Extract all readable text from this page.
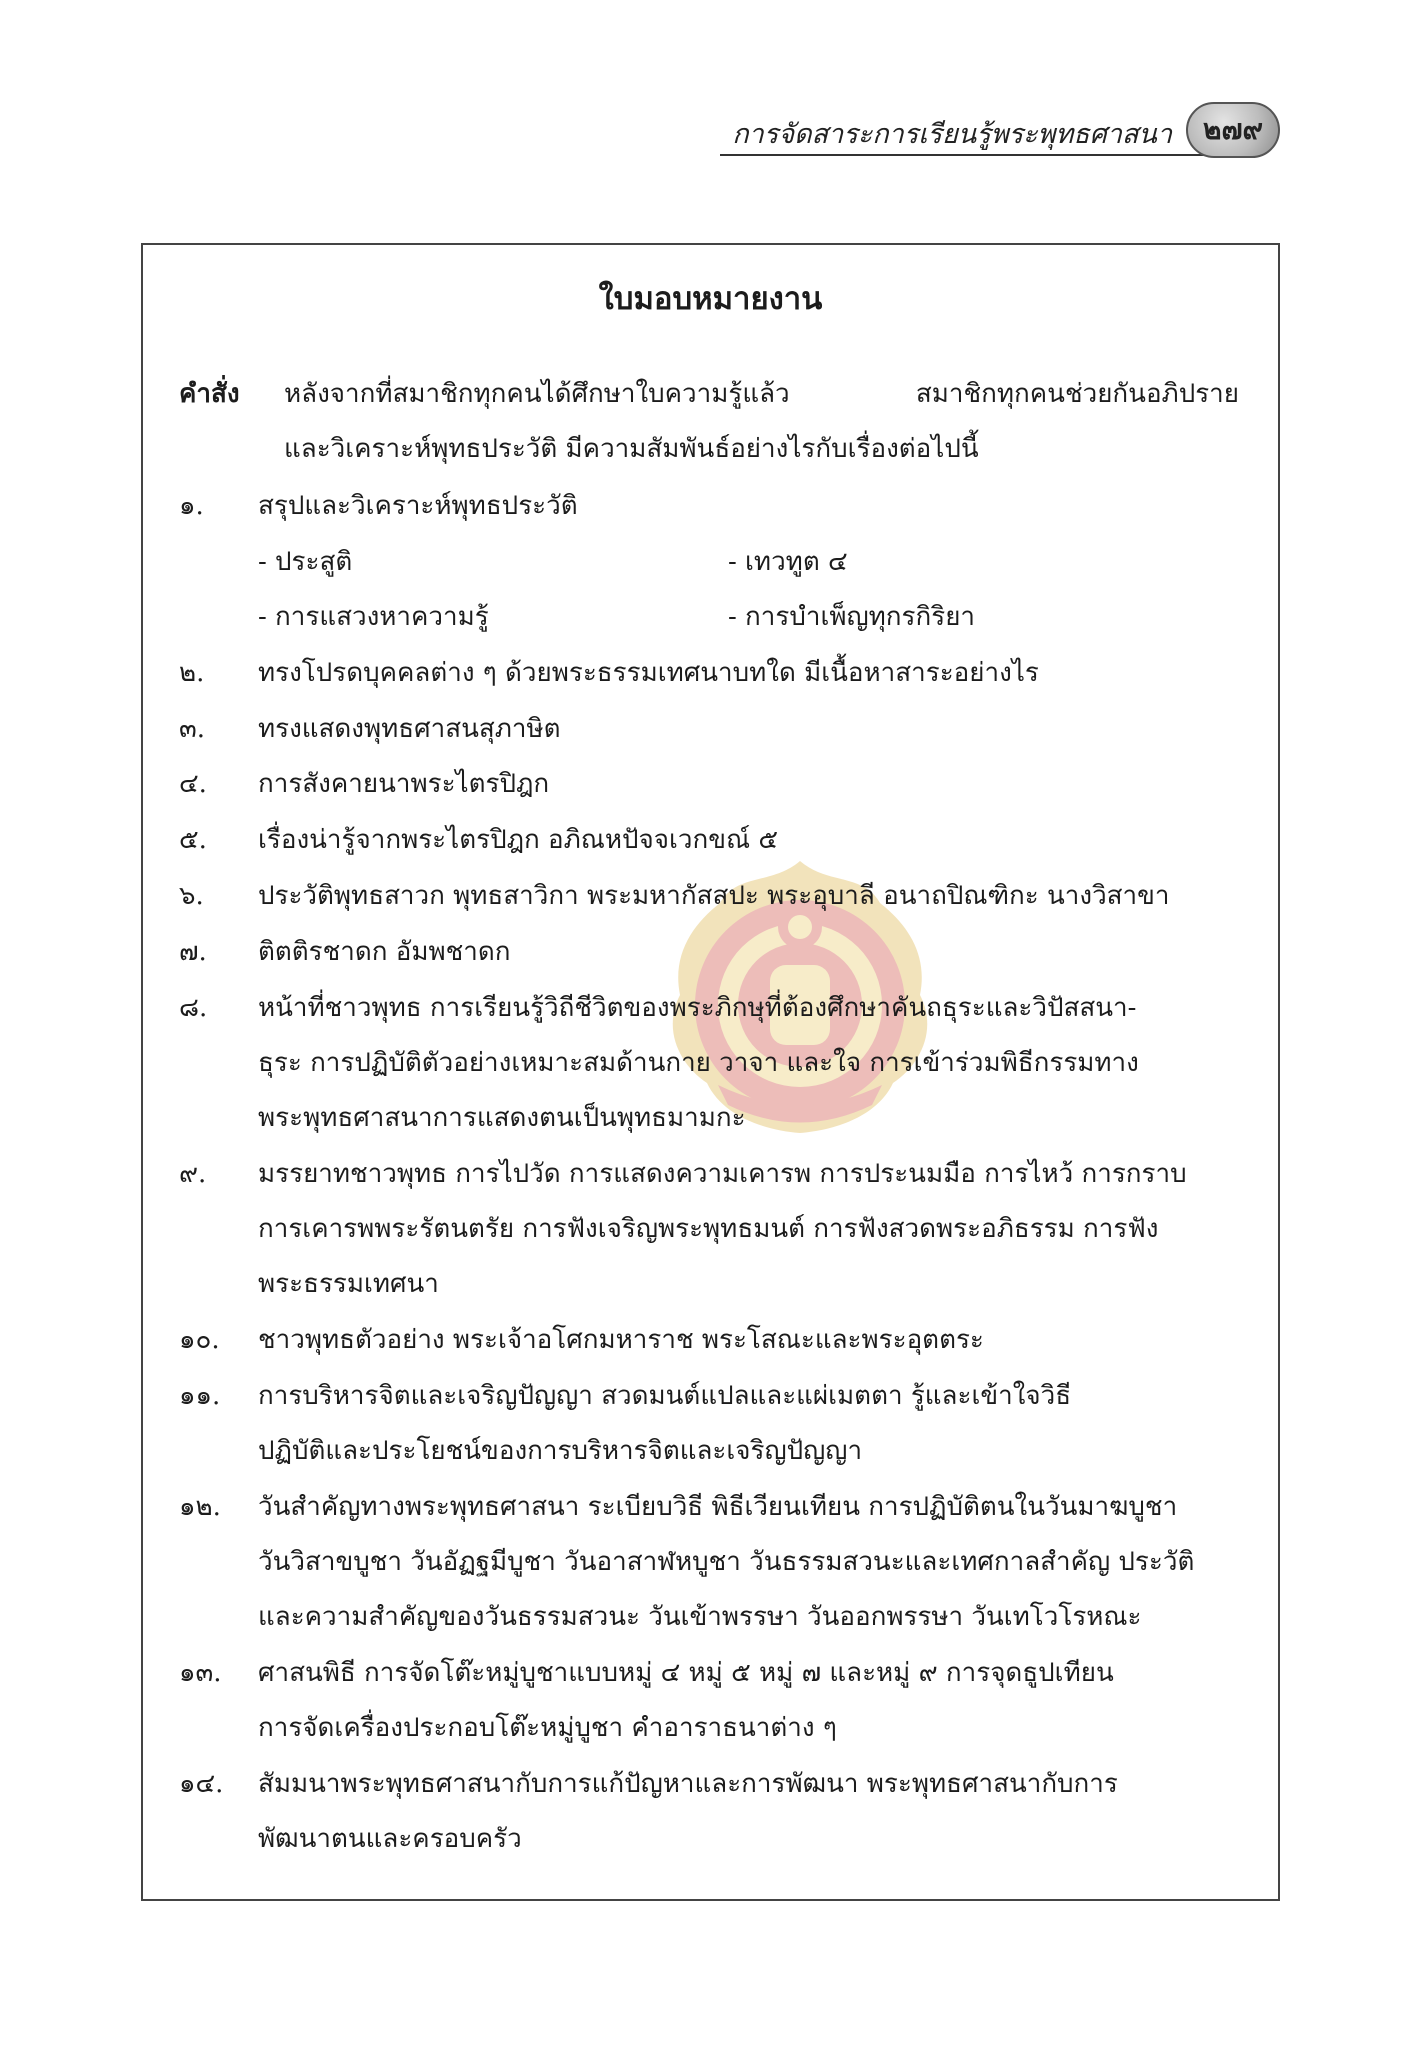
การจัดสาระการเรียนรู้พระพุทธศาสนา	๒๗๙
ใบมอบหมายงาน
คำสั่ง หลังจากที่สมาชิกทุกคนได้ศึกษาใบความรู้แล้ว สมาชิกทุกคนช่วยกันอภิปราย
และวิเคราะห์พุทธประวัติ มีความสัมพันธ์อย่างไรกับเรื่องต่อไปนี้
๑. สรุปและวิเคราะห์พุทธประวัติ
- ประสูติ	- เทวทูต ๔
- การแสวงหาความรู้	- การบำเพ็ญทุกรกิริยา
๒. ทรงโปรดบุคคลต่าง ๆ ด้วยพระธรรมเทศนาบทใด มีเนื้อหาสาระอย่างไร
๓. ทรงแสดงพุทธศาสนสุภาษิต
๔. การสังคายนาพระไตรปิฎก
๕. เรื่องน่ารู้จากพระไตรปิฎก อภิณหปัจจเวกขณ์ ๕
๖. ประวัติพุทธสาวก พุทธสาวิกา พระมหากัสสปะ พระอุบาลี อนาถปิณฑิกะ นางวิสาขา
๗. ติตติรชาดก อัมพชาดก
๘. หน้าที่ชาวพุทธ การเรียนรู้วิถีชีวิตของพระภิกษุที่ต้องศึกษาคันถธุระและวิปัสสนา-
ธุระ การปฏิบัติตัวอย่างเหมาะสมด้านกาย วาจา และใจ การเข้าร่วมพิธีกรรมทาง
พระพุทธศาสนาการแสดงตนเป็นพุทธมามกะ
๙. มรรยาทชาวพุทธ การไปวัด การแสดงความเคารพ การประนมมือ การไหว้ การกราบ
การเคารพพระรัตนตรัย การฟังเจริญพระพุทธมนต์ การฟังสวดพระอภิธรรม การฟัง
พระธรรมเทศนา
๑๐. ชาวพุทธตัวอย่าง พระเจ้าอโศกมหาราช พระโสณะและพระอุตตระ
๑๑. การบริหารจิตและเจริญปัญญา สวดมนต์แปลและแผ่เมตตา รู้และเข้าใจวิธี
ปฏิบัติและประโยชน์ของการบริหารจิตและเจริญปัญญา
๑๒. วันสำคัญทางพระพุทธศาสนา ระเบียบวิธี พิธีเวียนเทียน การปฏิบัติตนในวันมาฆบูชา
วันวิสาขบูชา วันอัฏฐมีบูชา วันอาสาฬหบูชา วันธรรมสวนะและเทศกาลสำคัญ ประวัติ
และความสำคัญของวันธรรมสวนะ วันเข้าพรรษา วันออกพรรษา วันเทโวโรหณะ
๑๓. ศาสนพิธี การจัดโต๊ะหมู่บูชาแบบหมู่ ๔ หมู่ ๕ หมู่ ๗ และหมู่ ๙ การจุดธูปเทียน
การจัดเครื่องประกอบโต๊ะหมู่บูชา คำอาราธนาต่าง ๆ
๑๔. สัมมนาพระพุทธศาสนากับการแก้ปัญหาและการพัฒนา พระพุทธศาสนากับการ
พัฒนาตนและครอบครัว
